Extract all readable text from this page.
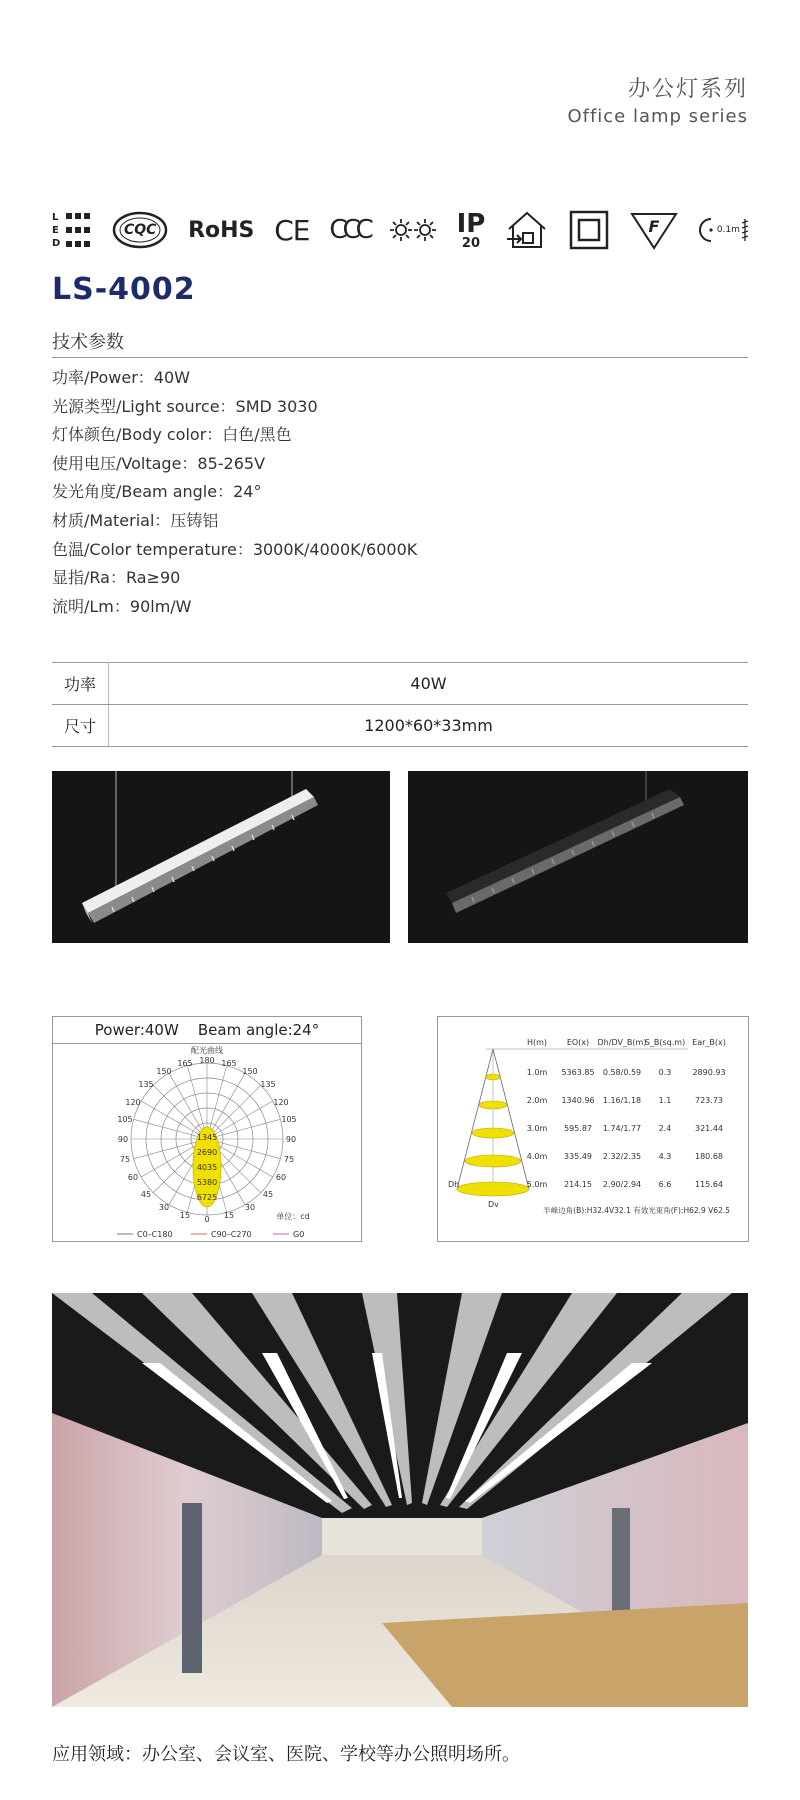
办公灯系列
Office lamp series
L
E
D
CQC RoHS CE CCC	IP
20
F	0.1m
LS-4002
技术参数
功率/Power：40W
光源类型/Light source：SMD 3030
灯体颜色/Body color：白色/黑色
使用电压/Voltage：85-265V
发光角度/Beam angle：24°
材质/Material：压铸铝
色温/Color temperature：3000K/4000K/6000K
显指/Ra：Ra≥90
流明/Lm：90lm/W
功率	40W
尺寸	1200*60*33mm
Power:40W    Beam angle:24°
配光曲线
1345
2690
4035
5380
6725
180
165	165
150	150
135	135
120	120
105	105
90	90
75	75
60	60
45	45
30	30
15	15
0	单位：cd
C0–C180	C90–C270	G0
Dh
Dv
H(m) EO(x) Dh/DV_B(m)
S_B(sq.m) Ear_B(x)
1.0m 5363.85 0.58/0.59 0.3	2890.93
2.0m 1340.96 1.16/1.18 1.1	723.73
3.0m 595.87 1.74/1.77 2.4	321.44
4.0m 335.49 2.32/2.35 4.3	180.68
5.0m 214.15 2.90/2.94 6.6	115.64
半峰边角(B):H32.4V32.1 有效光束角(F):H62.9 V62.5
应用领域：办公室、会议室、医院、学校等办公照明场所。
